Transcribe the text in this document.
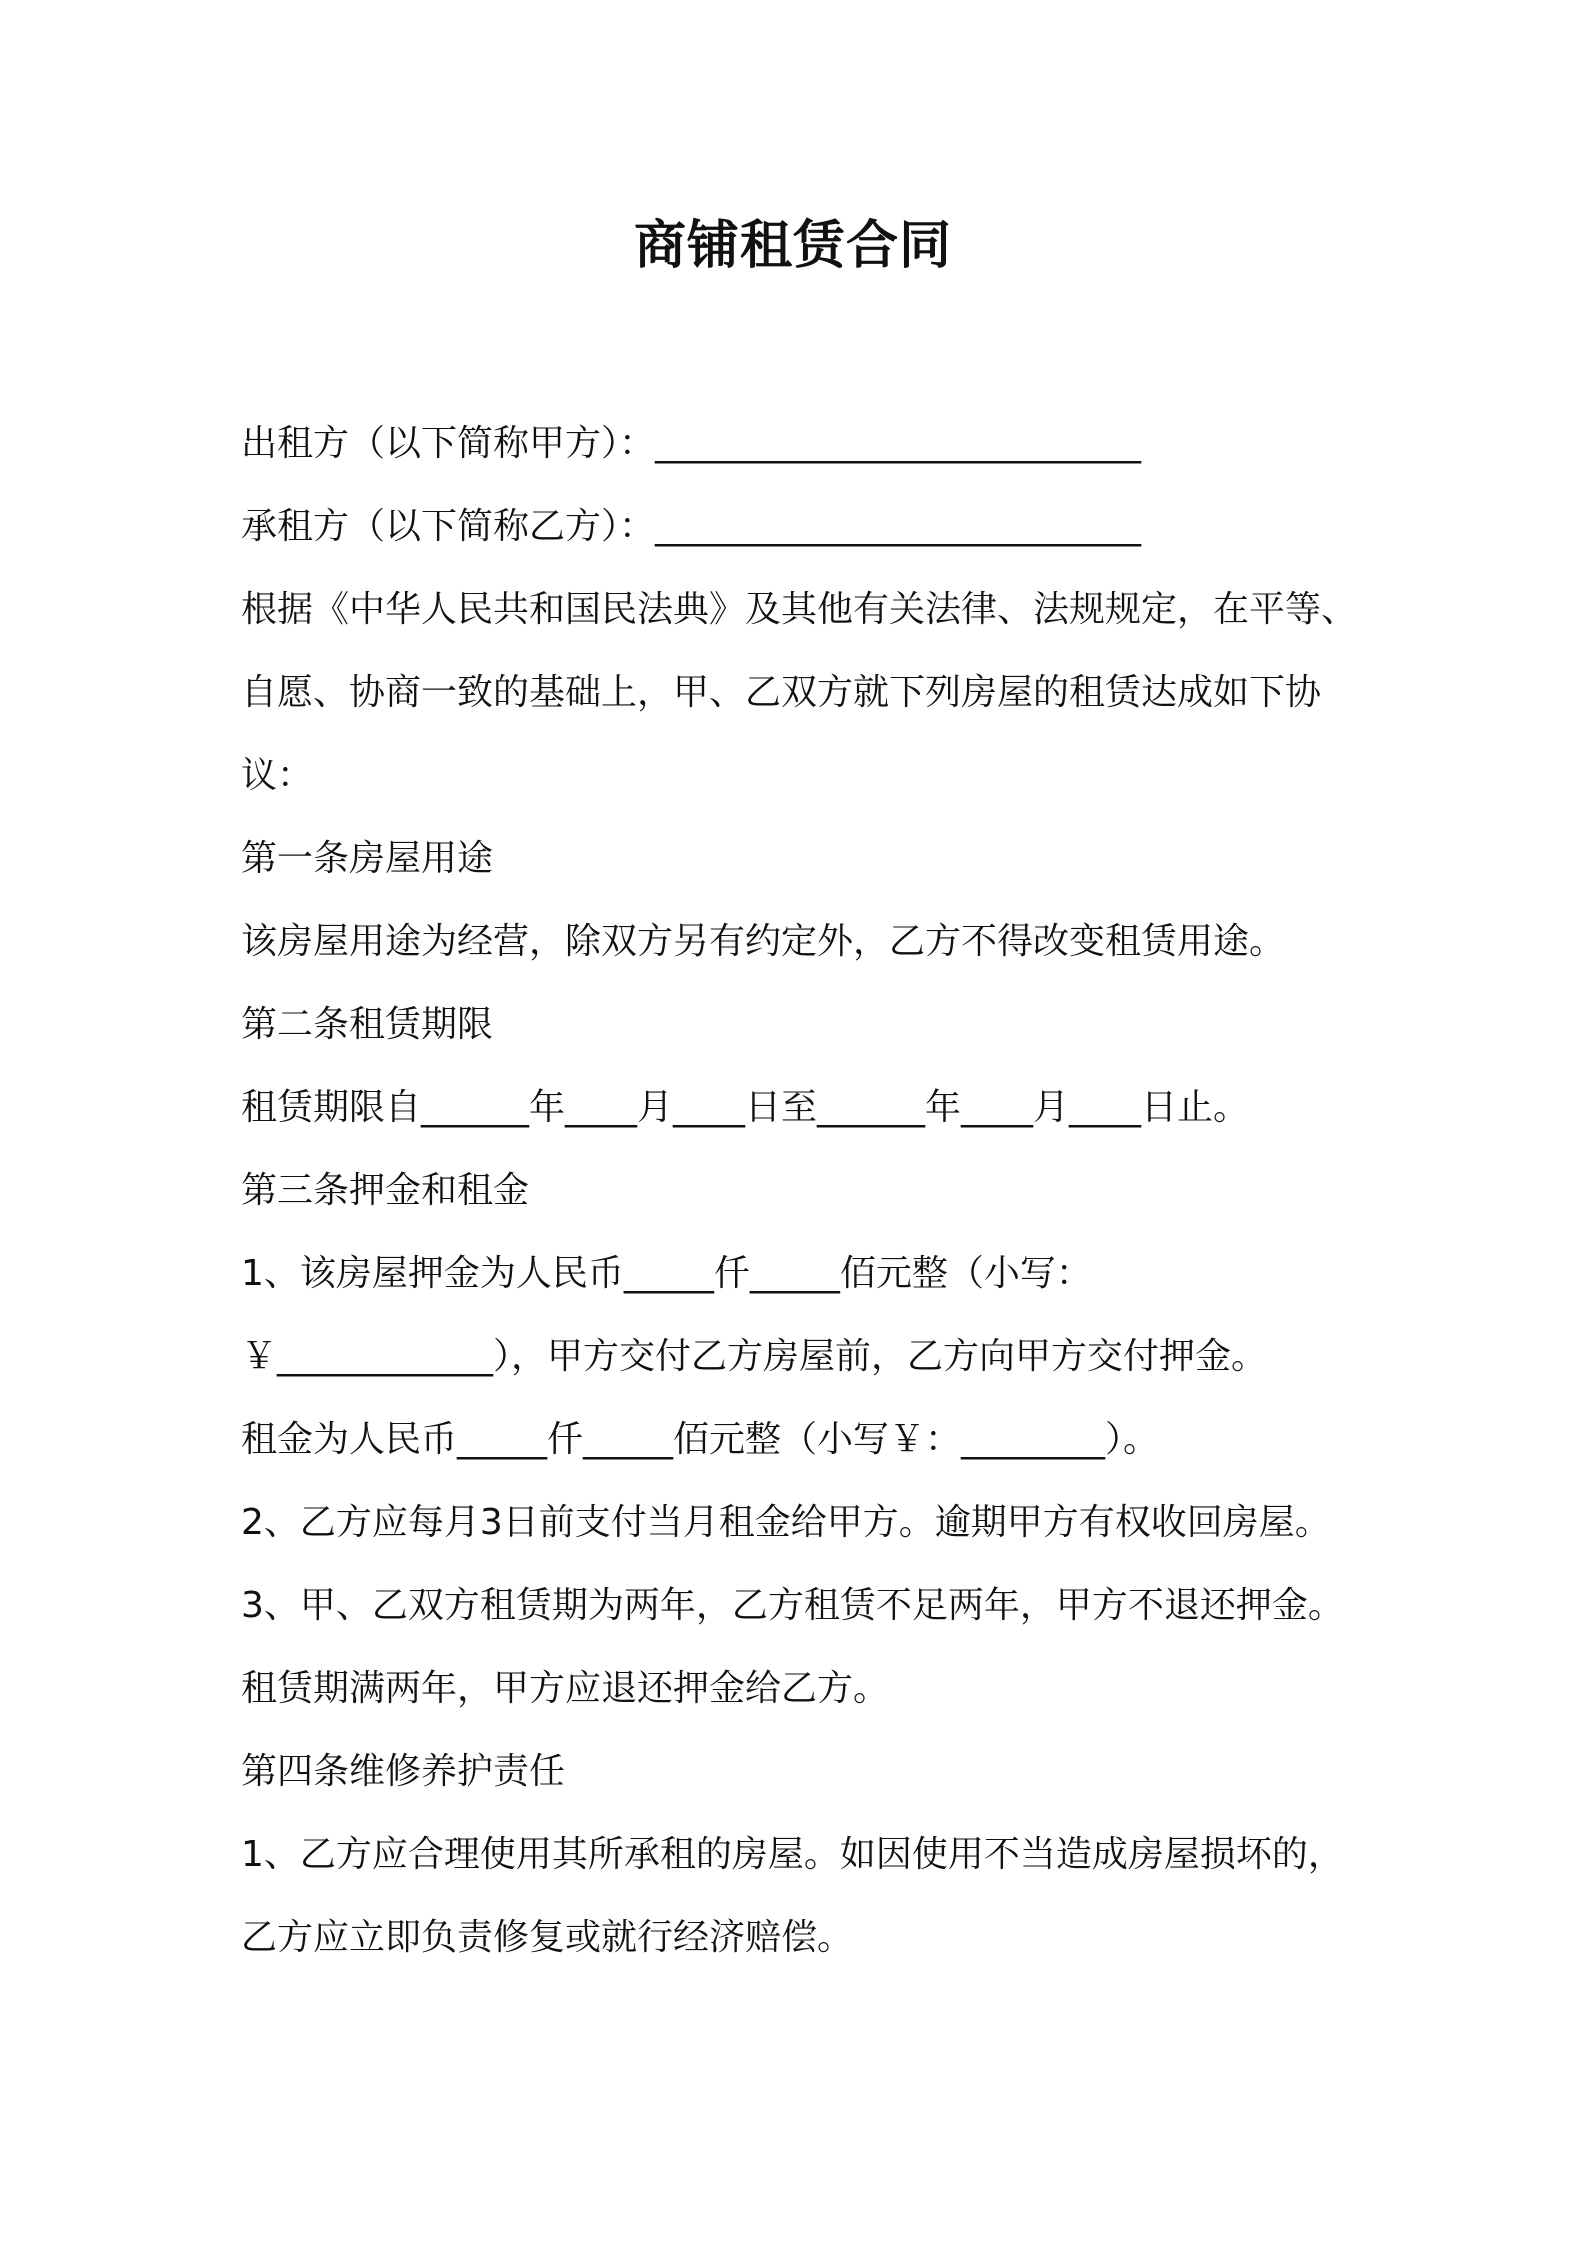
商铺租赁合同

出租方（以下简称甲方）：___________________________

承租方（以下简称乙方）：___________________________

根据《中华人民共和国民法典》及其他有关法律、法规规定，在平等、

自愿、协商一致的基础上，甲、乙双方就下列房屋的租赁达成如下协

议：

第一条房屋用途

该房屋用途为经营，除双方另有约定外，乙方不得改变租赁用途。

第二条租赁期限

租赁期限自______年____月____日至______年____月____日止。

第三条押金和租金

1、该房屋押金为人民币_____仟_____佰元整（小写：

￥____________），甲方交付乙方房屋前，乙方向甲方交付押金。

租金为人民币_____仟_____佰元整（小写￥：________）。

2、乙方应每月3日前支付当月租金给甲方。逾期甲方有权收回房屋。

3、甲、乙双方租赁期为两年，乙方租赁不足两年，甲方不退还押金。

租赁期满两年，甲方应退还押金给乙方。

第四条维修养护责任

1、乙方应合理使用其所承租的房屋。如因使用不当造成房屋损坏的，

乙方应立即负责修复或就行经济赔偿。
